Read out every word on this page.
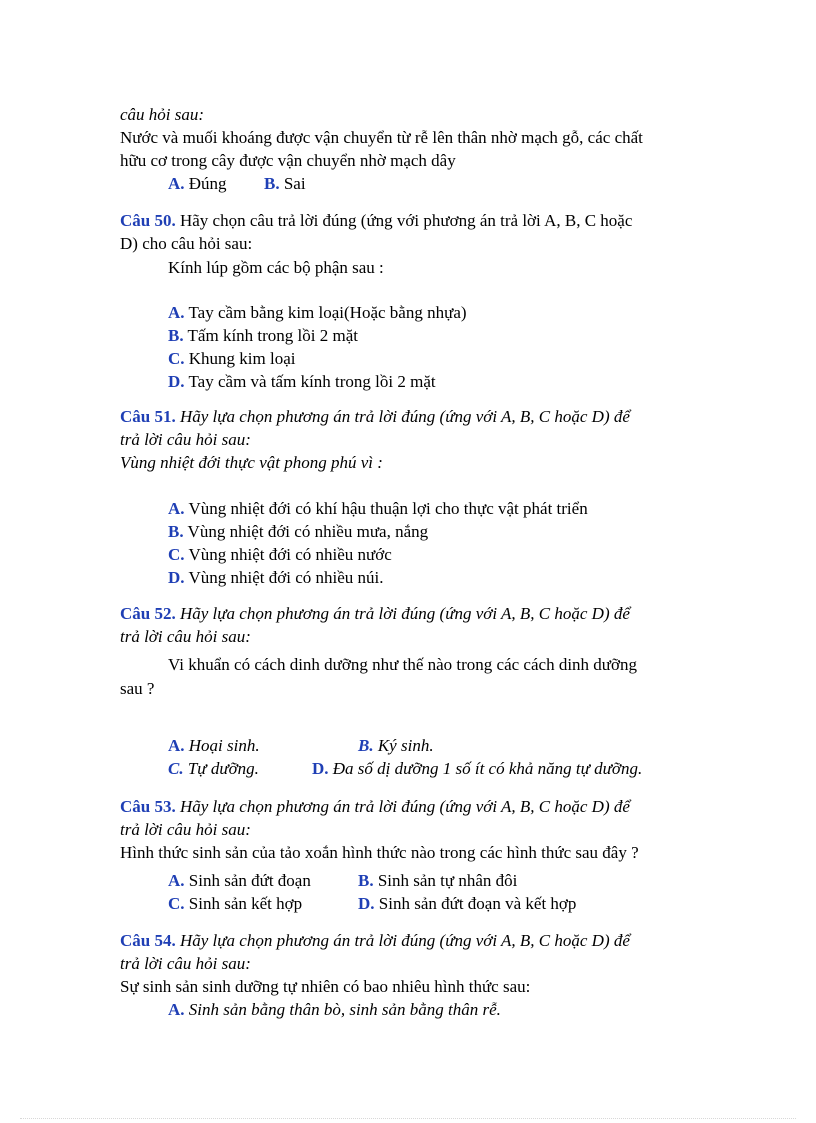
câu hỏi sau:
Nước và muối khoáng được vận chuyển từ rễ lên thân nhờ mạch gỗ, các chất
hữu cơ trong cây được vận chuyển nhờ mạch dây
A. Đúng B. Sai
Câu 50. Hãy chọn câu trả lời đúng (ứng với phương án trả lời A, B, C hoặc
D) cho câu hỏi sau:
Kính lúp gồm các bộ phận sau :
A. Tay cầm bằng kim loại(Hoặc bằng nhựa)
B. Tấm kính trong lồi 2 mặt
C. Khung kim loại
D. Tay cầm và tấm kính trong lồi 2 mặt
Câu 51. Hãy lựa chọn phương án trả lời đúng (ứng với A, B, C hoặc D) để
trả lời câu hỏi sau:
Vùng nhiệt đới thực vật phong phú vì :
A. Vùng nhiệt đới có khí hậu thuận lợi cho thực vật phát triển
B. Vùng nhiệt đới có nhiều mưa, nắng
C. Vùng nhiệt đới có nhiều nước
D. Vùng nhiệt đới có nhiều núi.
Câu 52. Hãy lựa chọn phương án trả lời đúng (ứng với A, B, C hoặc D) để
trả lời câu hỏi sau:
Vi khuẩn có cách dinh dưỡng như thế nào trong các cách dinh dưỡng
sau ?
A. Hoại sinh.	B. Ký sinh.
C. Tự dưỡng.	D. Đa số dị dưỡng 1 số ít có khả năng tự dưỡng.
Câu 53. Hãy lựa chọn phương án trả lời đúng (ứng với A, B, C hoặc D) để
trả lời câu hỏi sau:
Hình thức sinh sản của tảo xoắn hình thức nào trong các hình thức sau đây ?
A. Sinh sản đứt đoạn	B. Sinh sản tự nhân đôi
C. Sinh sản kết hợp	D. Sinh sản đứt đoạn và kết hợp
Câu 54. Hãy lựa chọn phương án trả lời đúng (ứng với A, B, C hoặc D) để
trả lời câu hỏi sau:
Sự sinh sản sinh dưỡng tự nhiên có bao nhiêu hình thức sau:
A. Sinh sản bằng thân bò, sinh sản bằng thân rễ.
